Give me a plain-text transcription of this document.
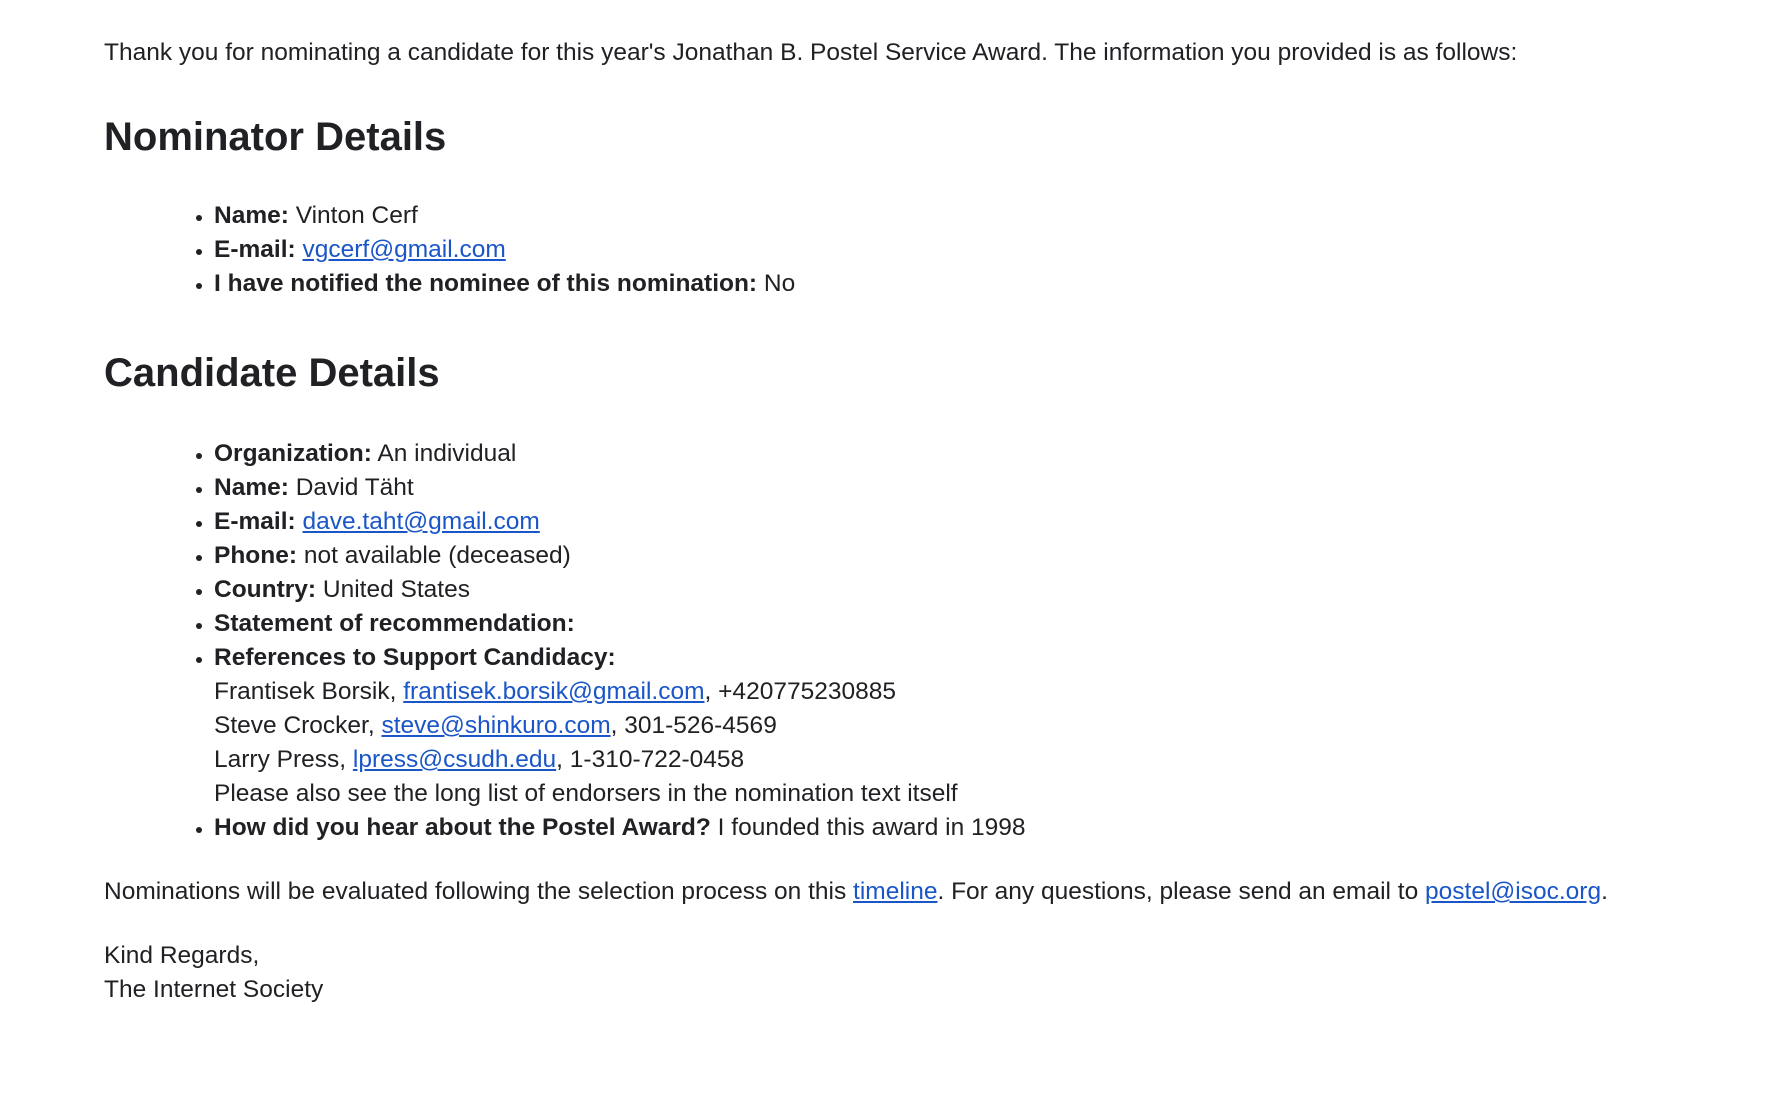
Thank you for nominating a candidate for this year's Jonathan B. Postel Service Award. The information you provided is as follows:

Nominator Details
• Name: Vinton Cerf
• E-mail: vgcerf@gmail.com
• I have notified the nominee of this nomination: No
Candidate Details
• Organization: An individual
• Name: David Täht
• E-mail: dave.taht@gmail.com
• Phone: not available (deceased)
• Country: United States
• Statement of recommendation:
• References to Support Candidacy:
Frantisek Borsik, frantisek.borsik@gmail.com, +420775230885
Steve Crocker, steve@shinkuro.com, 301-526-4569
Larry Press, lpress@csudh.edu, 1-310-722-0458
Please also see the long list of endorsers in the nomination text itself
• How did you hear about the Postel Award? I founded this award in 1998

Nominations will be evaluated following the selection process on this timeline. For any questions, please send an email to postel@isoc.org.

Kind Regards,

The Internet Society
